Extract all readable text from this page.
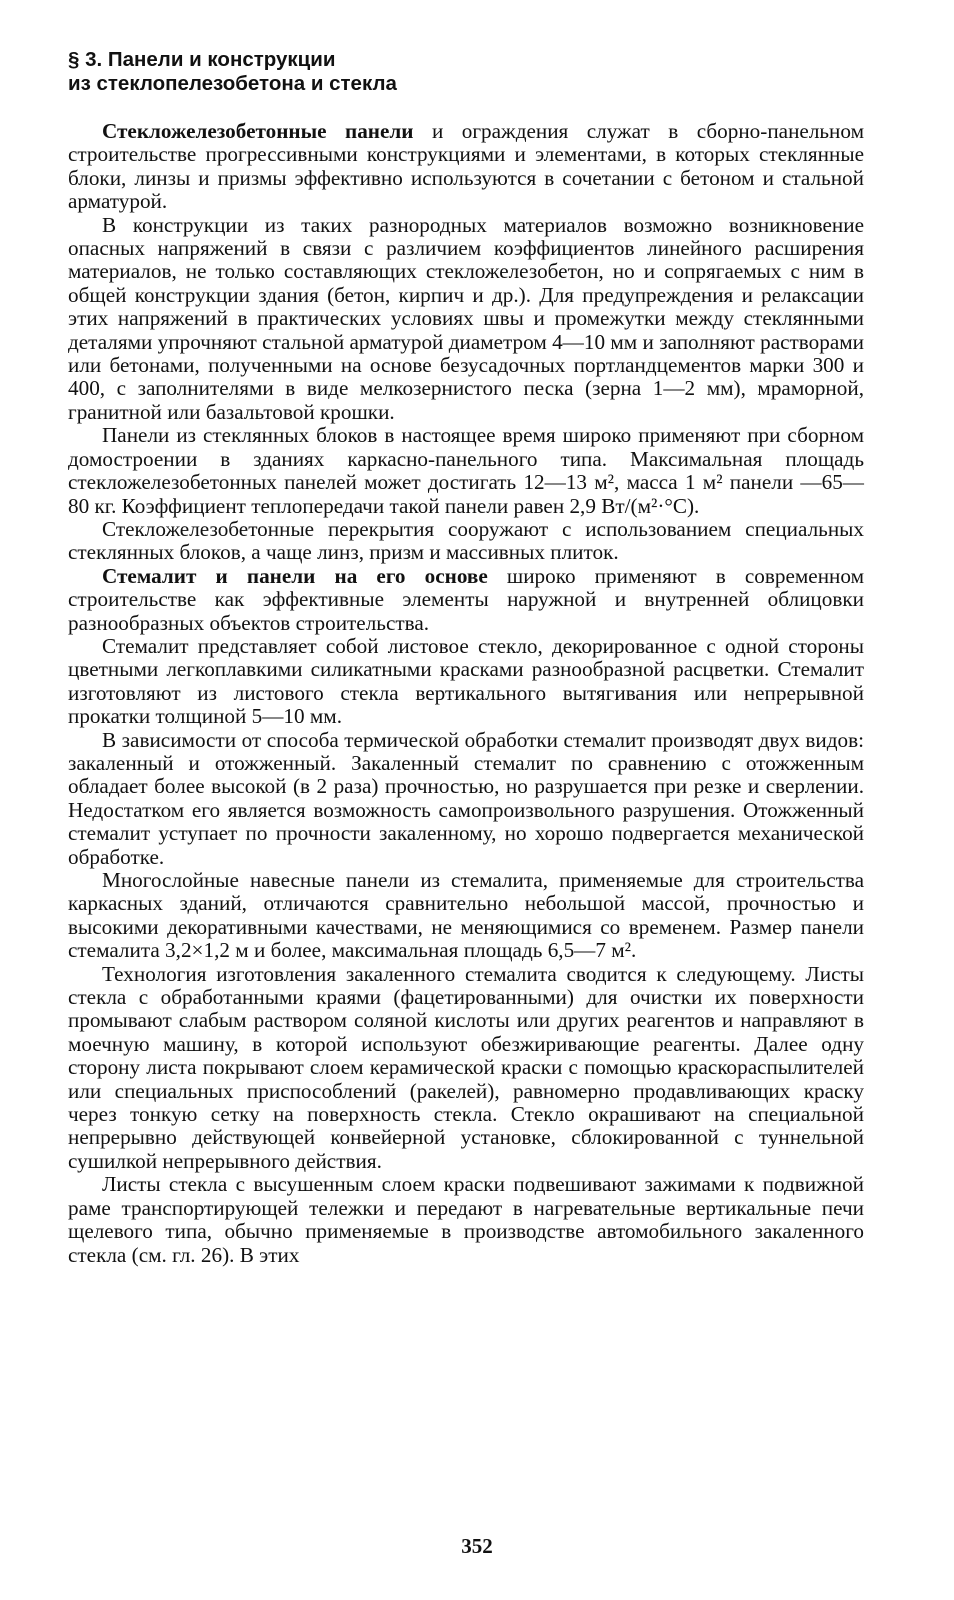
§ 3. Панели и конструкции
из стеклопелезобетона и стекла

Стекложелезобетонные панели и ограждения служат в сборно-панельном строительстве прогрессивными конструкциями и элементами, в которых стеклянные блоки, линзы и призмы эффективно используются в сочетании с бетоном и стальной арматурой.

В конструкции из таких разнородных материалов возможно возникновение опасных напряжений в связи с различием коэффициентов линейного расширения материалов, не только составляющих стекложелезобетон, но и сопрягаемых с ним в общей конструкции здания (бетон, кирпич и др.). Для предупреждения и релаксации этих напряжений в практических условиях швы и промежутки между стеклянными деталями упрочняют стальной арматурой диаметром 4—10 мм и заполняют растворами или бетонами, полученными на основе безусадочных портландцементов марки 300 и 400, с заполнителями в виде мелкозернистого песка (зерна 1—2 мм), мраморной, гранитной или базальтовой крошки.

Панели из стеклянных блоков в настоящее время широко применяют при сборном домостроении в зданиях каркасно-панельного типа. Максимальная площадь стекложелезобетонных панелей может достигать 12—13 м², масса 1 м² панели —65—80 кг. Коэффициент теплопередачи такой панели равен 2,9 Вт/(м²·°С).

Стекложелезобетонные перекрытия сооружают с использованием специальных стеклянных блоков, а чаще линз, призм и массивных плиток.

Стемалит и панели на его основе широко применяют в современном строительстве как эффективные элементы наружной и внутренней облицовки разнообразных объектов строительства.

Стемалит представляет собой листовое стекло, декорированное с одной стороны цветными легкоплавкими силикатными красками разнообразной расцветки. Стемалит изготовляют из листового стекла вертикального вытягивания или непрерывной прокатки толщиной 5—10 мм.

В зависимости от способа термической обработки стемалит производят двух видов: закаленный и отожженный. Закаленный стемалит по сравнению с отожженным обладает более высокой (в 2 раза) прочностью, но разрушается при резке и сверлении. Недостатком его является возможность самопроизвольного разрушения. Отожженный стемалит уступает по прочности закаленному, но хорошо подвергается механической обработке.

Многослойные навесные панели из стемалита, применяемые для строительства каркасных зданий, отличаются сравнительно небольшой массой, прочностью и высокими декоративными качествами, не меняющимися со временем. Размер панели стемалита 3,2×1,2 м и более, максимальная площадь 6,5—7 м².

Технология изготовления закаленного стемалита сводится к следующему. Листы стекла с обработанными краями (фацетированными) для очистки их поверхности промывают слабым раствором соляной кислоты или других реагентов и направляют в моечную машину, в которой используют обезжиривающие реагенты. Далее одну сторону листа покрывают слоем керамической краски с помощью краскораспылителей или специальных приспособлений (ракелей), равномерно продавливающих краску через тонкую сетку на поверхность стекла. Стекло окрашивают на специальной непрерывно действующей конвейерной установке, сблокированной с туннельной сушилкой непрерывного действия.

Листы стекла с высушенным слоем краски подвешивают зажимами к подвижной раме транспортирующей тележки и передают в нагревательные вертикальные печи щелевого типа, обычно применяемые в производстве автомобильного закаленного стекла (см. гл. 26). В этих

352
